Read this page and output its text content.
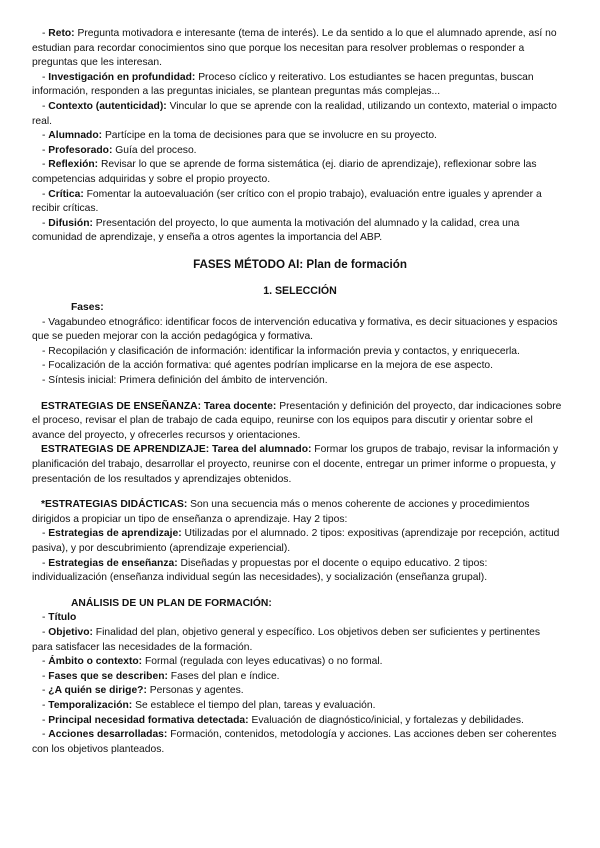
- Reto: Pregunta motivadora e interesante (tema de interés). Le da sentido a lo que el alumnado aprende, así no estudian para recordar conocimientos sino que porque los necesitan para resolver problemas o responder a preguntas que les interesan.

- Investigación en profundidad: Proceso cíclico y reiterativo. Los estudiantes se hacen preguntas, buscan información, responden a las preguntas iniciales, se plantean preguntas más complejas...

- Contexto (autenticidad): Vincular lo que se aprende con la realidad, utilizando un contexto, material o impacto real.

- Alumnado: Partícipe en la toma de decisiones para que se involucre en su proyecto.

- Profesorado: Guía del proceso.

- Reflexión: Revisar lo que se aprende de forma sistemática (ej. diario de aprendizaje), reflexionar sobre las competencias adquiridas y sobre el propio proyecto.

- Crítica: Fomentar la autoevaluación (ser crítico con el propio trabajo), evaluación entre iguales y aprender a recibir críticas.

- Difusión: Presentación del proyecto, lo que aumenta la motivación del alumnado y la calidad, crea una comunidad de aprendizaje, y enseña a otros agentes la importancia del ABP.

FASES MÉTODO AI: Plan de formación

1. SELECCIÓN

Fases:

- Vagabundeo etnográfico: identificar focos de intervención educativa y formativa, es decir situaciones y espacios que se pueden mejorar con la acción pedagógica y formativa.

- Recopilación y clasificación de información: identificar la información previa y contactos, y enriquecerla.

- Focalización de la acción formativa: qué agentes podrían implicarse en la mejora de ese aspecto.

- Síntesis inicial: Primera definición del ámbito de intervención.

ESTRATEGIAS DE ENSEÑANZA: Tarea docente: Presentación y definición del proyecto, dar indicaciones sobre el proceso, revisar el plan de trabajo de cada equipo, reunirse con los equipos para discutir y orientar sobre el avance del proyecto, y ofrecerles recursos y orientaciones.

ESTRATEGIAS DE APRENDIZAJE: Tarea del alumnado: Formar los grupos de trabajo, revisar la información y planificación del trabajo, desarrollar el proyecto, reunirse con el docente, entregar un primer informe o propuesta, y presentación de los resultados y aprendizajes obtenidos.

*ESTRATEGIAS DIDÁCTICAS: Son una secuencia más o menos coherente de acciones y procedimientos dirigidos a propiciar un tipo de enseñanza o aprendizaje. Hay 2 tipos:

- Estrategias de aprendizaje: Utilizadas por el alumnado. 2 tipos: expositivas (aprendizaje por recepción, actitud pasiva), y por descubrimiento (aprendizaje experiencial).

- Estrategias de enseñanza: Diseñadas y propuestas por el docente o equipo educativo. 2 tipos: individualización (enseñanza individual según las necesidades), y socialización (enseñanza grupal).

ANÁLISIS DE UN PLAN DE FORMACIÓN:

- Título

- Objetivo: Finalidad del plan, objetivo general y específico. Los objetivos deben ser suficientes y pertinentes para satisfacer las necesidades de la formación.

- Ámbito o contexto: Formal (regulada con leyes educativas) o no formal.

- Fases que se describen: Fases del plan e índice.

- ¿A quién se dirige?: Personas y agentes.

- Temporalización: Se establece el tiempo del plan, tareas y evaluación.

- Principal necesidad formativa detectada: Evaluación de diagnóstico/inicial, y fortalezas y debilidades.

- Acciones desarrolladas: Formación, contenidos, metodología y acciones. Las acciones deben ser coherentes con los objetivos planteados.
